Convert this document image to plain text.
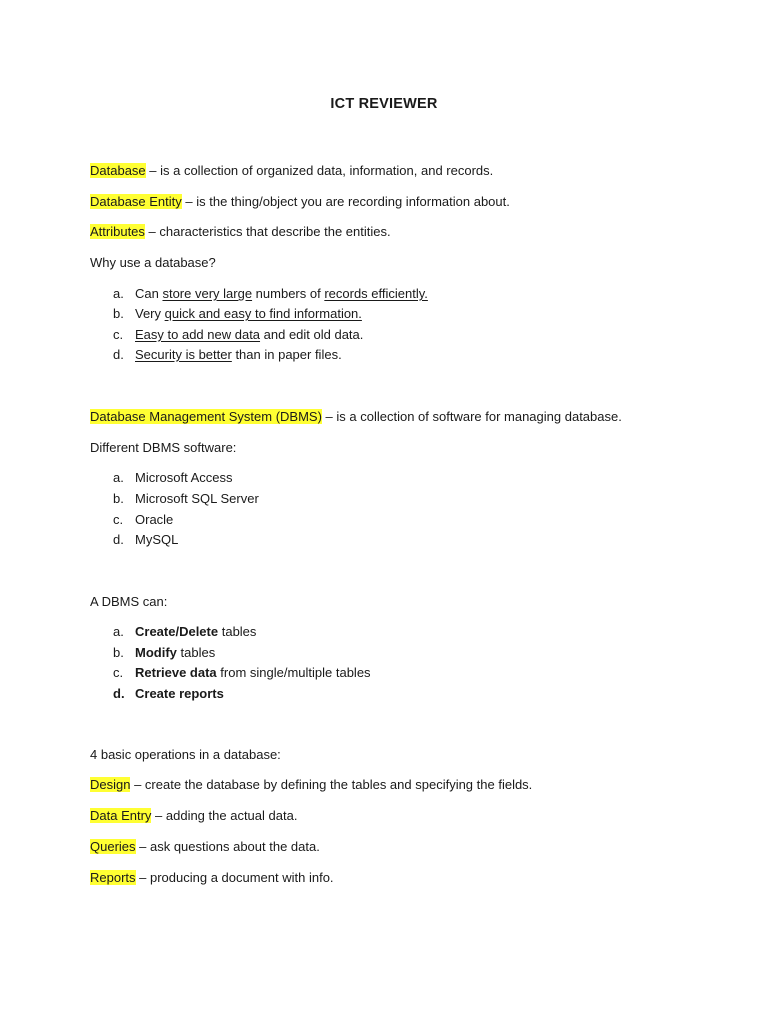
ICT REVIEWER
Database – is a collection of organized data, information, and records.
Database Entity – is the thing/object you are recording information about.
Attributes – characteristics that describe the entities.
Why use a database?
a. Can store very large numbers of records efficiently.
b. Very quick and easy to find information.
c. Easy to add new data and edit old data.
d. Security is better than in paper files.
Database Management System (DBMS) – is a collection of software for managing database.
Different DBMS software:
a. Microsoft Access
b. Microsoft SQL Server
c. Oracle
d. MySQL
A DBMS can:
a. Create/Delete tables
b. Modify tables
c. Retrieve data from single/multiple tables
d. Create reports
4 basic operations in a database:
Design – create the database by defining the tables and specifying the fields.
Data Entry – adding the actual data.
Queries – ask questions about the data.
Reports – producing a document with info.
